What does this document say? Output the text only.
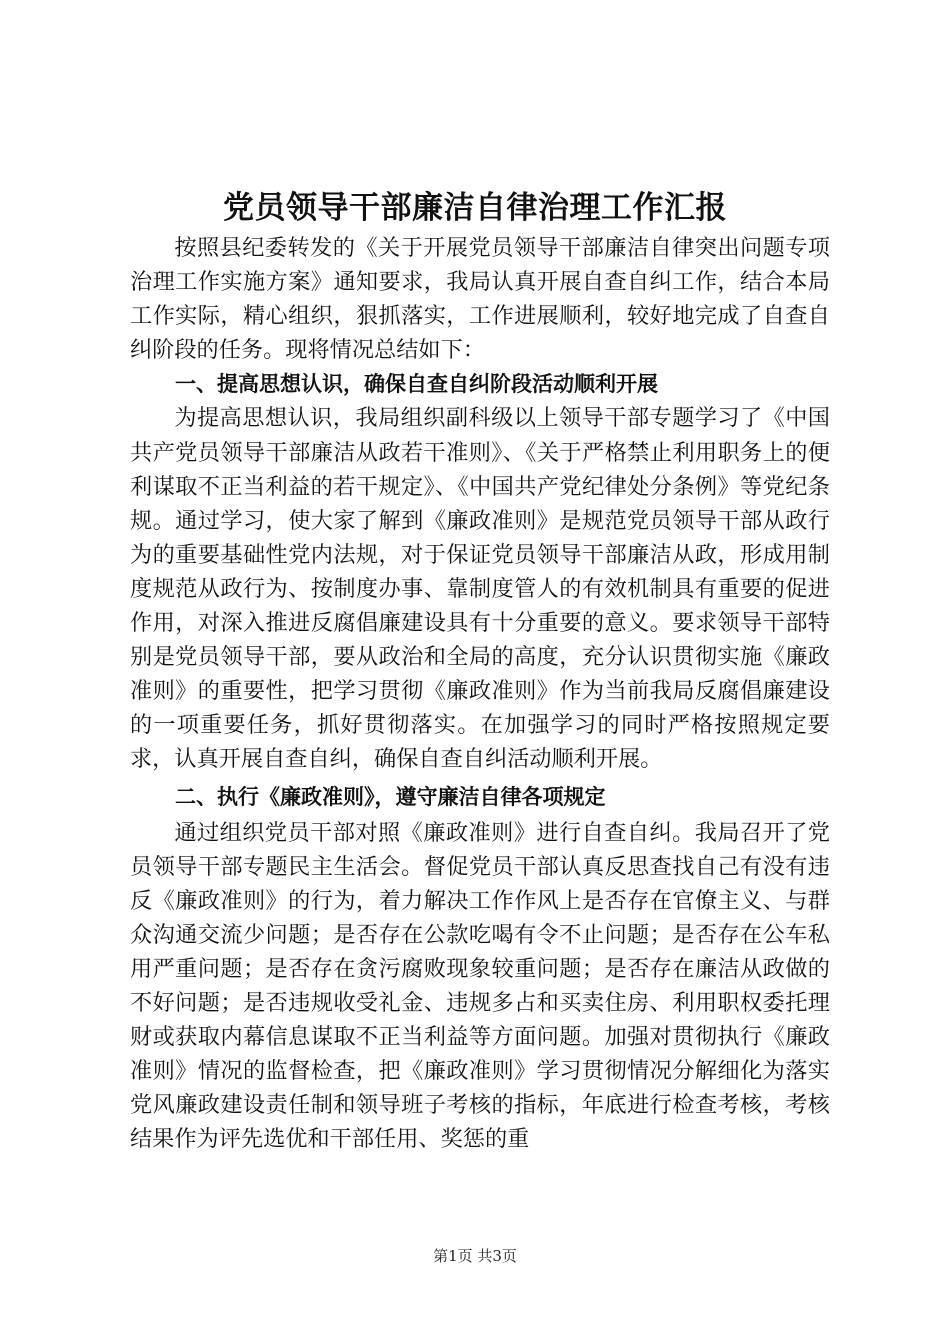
党员领导干部廉洁自律治理工作汇报

按照县纪委转发的《关于开展党员领导干部廉洁自律突出问题专项治理工作实施方案》通知要求，我局认真开展自查自纠工作，结合本局工作实际，精心组织，狠抓落实，工作进展顺利，较好地完成了自查自纠阶段的任务。现将情况总结如下：

一、提高思想认识，确保自查自纠阶段活动顺利开展

为提高思想认识，我局组织副科级以上领导干部专题学习了《中国共产党员领导干部廉洁从政若干准则》、《关于严格禁止利用职务上的便利谋取不正当利益的若干规定》、《中国共产党纪律处分条例》等党纪条规。通过学习，使大家了解到《廉政准则》是规范党员领导干部从政行为的重要基础性党内法规，对于保证党员领导干部廉洁从政，形成用制度规范从政行为、按制度办事、靠制度管人的有效机制具有重要的促进作用，对深入推进反腐倡廉建设具有十分重要的意义。要求领导干部特别是党员领导干部，要从政治和全局的高度，充分认识贯彻实施《廉政准则》的重要性，把学习贯彻《廉政准则》作为当前我局反腐倡廉建设的一项重要任务，抓好贯彻落实。在加强学习的同时严格按照规定要求，认真开展自查自纠，确保自查自纠活动顺利开展。

二、执行《廉政准则》，遵守廉洁自律各项规定

通过组织党员干部对照《廉政准则》进行自查自纠。我局召开了党员领导干部专题民主生活会。督促党员干部认真反思查找自己有没有违反《廉政准则》的行为，着力解决工作作风上是否存在官僚主义、与群众沟通交流少问题；是否存在公款吃喝有令不止问题；是否存在公车私用严重问题；是否存在贪污腐败现象较重问题；是否存在廉洁从政做的不好问题；是否违规收受礼金、违规多占和买卖住房、利用职权委托理财或获取内幕信息谋取不正当利益等方面问题。加强对贯彻执行《廉政准则》情况的监督检查，把《廉政准则》学习贯彻情况分解细化为落实党风廉政建设责任制和领导班子考核的指标，年底进行检查考核，考核结果作为评先选优和干部任用、奖惩的重

第1页 共3页
